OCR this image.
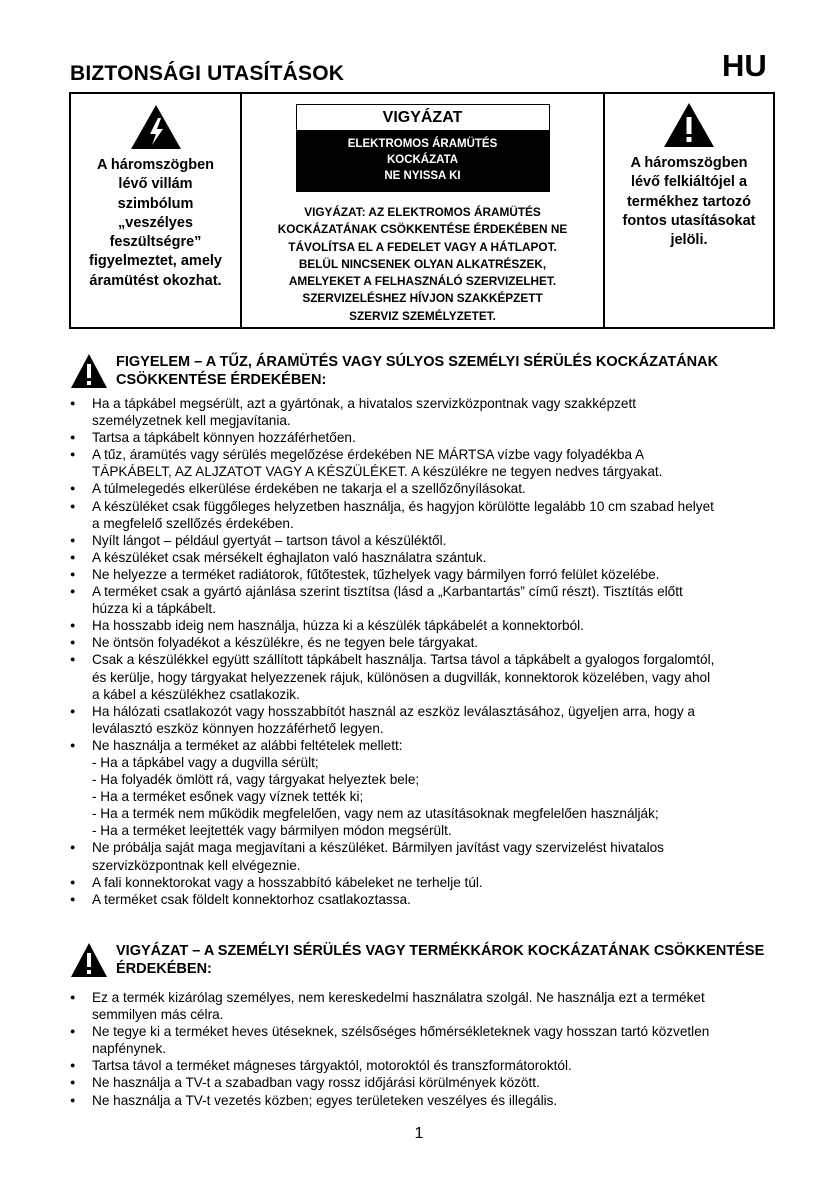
BIZTONSÁGI UTASÍTÁSOK	HU
A háromszögben
lévő villám
szimbólum
„veszélyes
feszültségre”
figyelmeztet, amely
áramütést okozhat.
VIGYÁZAT
ELEKTROMOS ÁRAMÜTÉS
KOCKÁZATA
NE NYISSA KI
VIGYÁZAT: AZ ELEKTROMOS ÁRAMÜTÉS
KOCKÁZATÁNAK CSÖKKENTÉSE ÉRDEKÉBEN NE
TÁVOLÍTSA EL A FEDELET VAGY A HÁTLAPOT.
BELÜL NINCSENEK OLYAN ALKATRÉSZEK,
AMELYEKET A FELHASZNÁLÓ SZERVIZELHET.
SZERVIZELÉSHEZ HÍVJON SZAKKÉPZETT
SZERVIZ SZEMÉLYZETET.
A háromszögben
lévő felkiáltójel a
termékhez tartozó
fontos utasításokat
jelöli.
FIGYELEM – A TŰZ, ÁRAMÜTÉS VAGY SÚLYOS SZEMÉLYI SÉRÜLÉS KOCKÁZATÁNAK
CSÖKKENTÉSE ÉRDEKÉBEN:
● Ha a tápkábel megsérült, azt a gyártónak, a hivatalos szervizközpontnak vagy szakképzett
személyzetnek kell megjavítania.
● Tartsa a tápkábelt könnyen hozzáférhetően.
● A tűz, áramütés vagy sérülés megelőzése érdekében NE MÁRTSA vízbe vagy folyadékba A
TÁPKÁBELT, AZ ALJZATOT VAGY A KÉSZÜLÉKET. A készülékre ne tegyen nedves tárgyakat.
● A túlmelegedés elkerülése érdekében ne takarja el a szellőzőnyílásokat.
● A készüléket csak függőleges helyzetben használja, és hagyjon körülötte legalább 10 cm szabad helyet
a megfelelő szellőzés érdekében.
● Nyílt lángot – például gyertyát – tartson távol a készüléktől.
● A készüléket csak mérsékelt éghajlaton való használatra szántuk.
● Ne helyezze a terméket radiátorok, fűtőtestek, tűzhelyek vagy bármilyen forró felület közelébe.
● A terméket csak a gyártó ajánlása szerint tisztítsa (lásd a „Karbantartás” című részt). Tisztítás előtt
húzza ki a tápkábelt.
● Ha hosszabb ideig nem használja, húzza ki a készülék tápkábelét a konnektorból.
● Ne öntsön folyadékot a készülékre, és ne tegyen bele tárgyakat.
● Csak a készülékkel együtt szállított tápkábelt használja. Tartsa távol a tápkábelt a gyalogos forgalomtól,
és kerülje, hogy tárgyakat helyezzenek rájuk, különösen a dugvillák, konnektorok közelében, vagy ahol
a kábel a készülékhez csatlakozik.
● Ha hálózati csatlakozót vagy hosszabbítót használ az eszköz leválasztásához, ügyeljen arra, hogy a
leválasztó eszköz könnyen hozzáférhető legyen.
● Ne használja a terméket az alábbi feltételek mellett:
- Ha a tápkábel vagy a dugvilla sérült;
- Ha folyadék ömlött rá, vagy tárgyakat helyeztek bele;
- Ha a terméket esőnek vagy víznek tették ki;
- Ha a termék nem működik megfelelően, vagy nem az utasításoknak megfelelően használják;
- Ha a terméket leejtették vagy bármilyen módon megsérült.
● Ne próbálja saját maga megjavítani a készüléket. Bármilyen javítást vagy szervizelést hivatalos
szervizközpontnak kell elvégeznie.
● A fali konnektorokat vagy a hosszabbító kábeleket ne terhelje túl.
● A terméket csak földelt konnektorhoz csatlakoztassa.
VIGYÁZAT – A SZEMÉLYI SÉRÜLÉS VAGY TERMÉKKÁROK KOCKÁZATÁNAK CSÖKKENTÉSE
ÉRDEKÉBEN:
● Ez a termék kizárólag személyes, nem kereskedelmi használatra szolgál. Ne használja ezt a terméket
semmilyen más célra.
● Ne tegye ki a terméket heves ütéseknek, szélsőséges hőmérsékleteknek vagy hosszan tartó közvetlen
napfénynek.
● Tartsa távol a terméket mágneses tárgyaktól, motoroktól és transzformátoroktól.
● Ne használja a TV-t a szabadban vagy rossz időjárási körülmények között.
● Ne használja a TV-t vezetés közben; egyes területeken veszélyes és illegális.
1
